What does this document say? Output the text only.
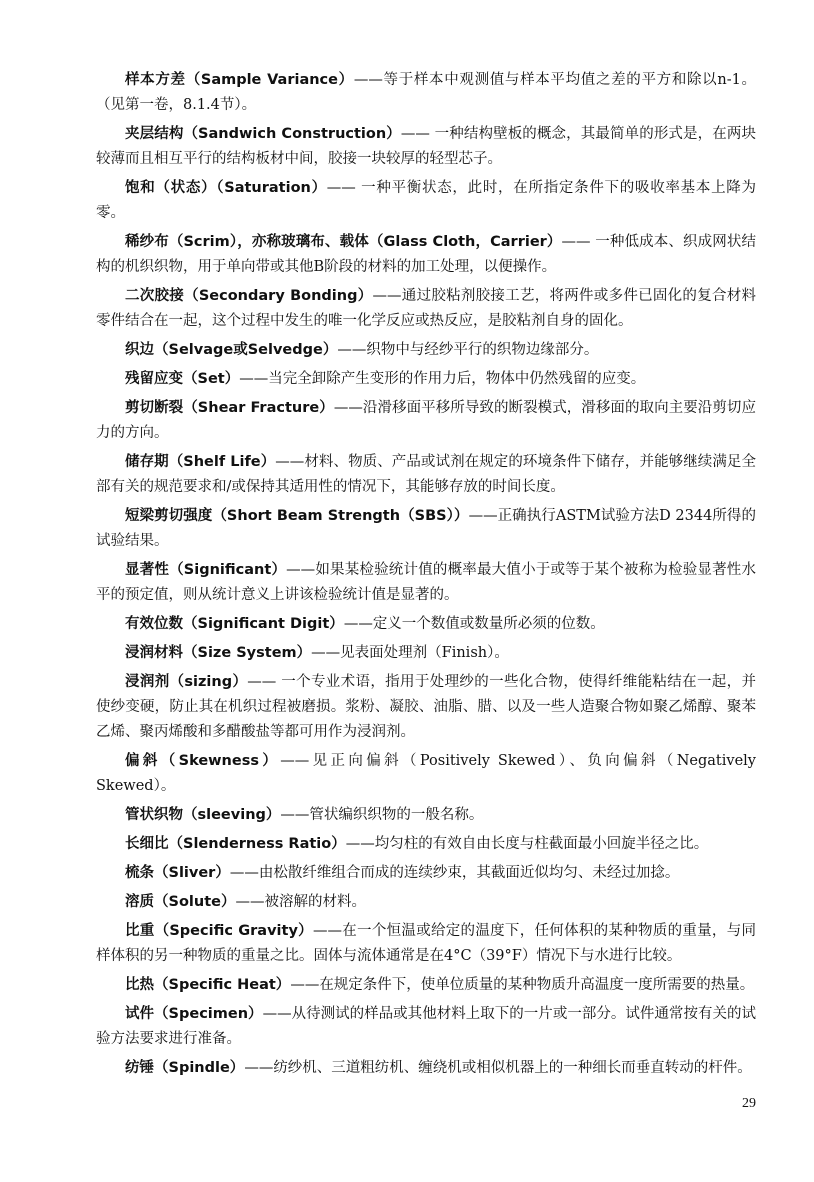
样本方差（Sample Variance）——等于样本中观测值与样本平均值之差的平方和除以n-1。（见第一卷，8.1.4节）。

夹层结构（Sandwich Construction）—— 一种结构壁板的概念，其最简单的形式是，在两块较薄而且相互平行的结构板材中间，胶接一块较厚的轻型芯子。

饱和（状态）（Saturation）—— 一种平衡状态，此时，在所指定条件下的吸收率基本上降为零。

稀纱布（Scrim），亦称玻璃布、载体（Glass Cloth，Carrier）—— 一种低成本、织成网状结构的机织织物，用于单向带或其他B阶段的材料的加工处理，以便操作。

二次胶接（Secondary Bonding）——通过胶粘剂胶接工艺，将两件或多件已固化的复合材料零件结合在一起，这个过程中发生的唯一化学反应或热反应，是胶粘剂自身的固化。

织边（Selvage或Selvedge）——织物中与经纱平行的织物边缘部分。

残留应变（Set）——当完全卸除产生变形的作用力后，物体中仍然残留的应变。

剪切断裂（Shear Fracture）——沿滑移面平移所导致的断裂模式，滑移面的取向主要沿剪切应力的方向。

储存期（Shelf Life）——材料、物质、产品或试剂在规定的环境条件下储存，并能够继续满足全部有关的规范要求和/或保持其适用性的情况下，其能够存放的时间长度。

短梁剪切强度（Short Beam Strength（SBS））——正确执行ASTM试验方法D 2344所得的试验结果。

显著性（Significant）——如果某检验统计值的概率最大值小于或等于某个被称为检验显著性水平的预定值，则从统计意义上讲该检验统计值是显著的。

有效位数（Significant Digit）——定义一个数值或数量所必须的位数。

浸润材料（Size System）——见表面处理剂（Finish）。

浸润剂（sizing）—— 一个专业术语，指用于处理纱的一些化合物，使得纤维能粘结在一起，并使纱变硬，防止其在机织过程被磨损。浆粉、凝胶、油脂、腊、以及一些人造聚合物如聚乙烯醇、聚苯乙烯、聚丙烯酸和多醋酸盐等都可用作为浸润剂。

偏斜（Skewness）——见正向偏斜（Positively Skewed）、负向偏斜（Negatively Skewed）。

管状织物（sleeving）——管状编织织物的一般名称。

长细比（Slenderness Ratio）——均匀柱的有效自由长度与柱截面最小回旋半径之比。

梳条（Sliver）——由松散纤维组合而成的连续纱束，其截面近似均匀、未经过加捻。

溶质（Solute）——被溶解的材料。

比重（Specific Gravity）——在一个恒温或给定的温度下，任何体积的某种物质的重量，与同样体积的另一种物质的重量之比。固体与流体通常是在4°C（39°F）情况下与水进行比较。

比热（Specific Heat）——在规定条件下，使单位质量的某种物质升高温度一度所需要的热量。

试件（Specimen）——从待测试的样品或其他材料上取下的一片或一部分。试件通常按有关的试验方法要求进行准备。

纺锤（Spindle）——纺纱机、三道粗纺机、缠绕机或相似机器上的一种细长而垂直转动的杆件。

29
